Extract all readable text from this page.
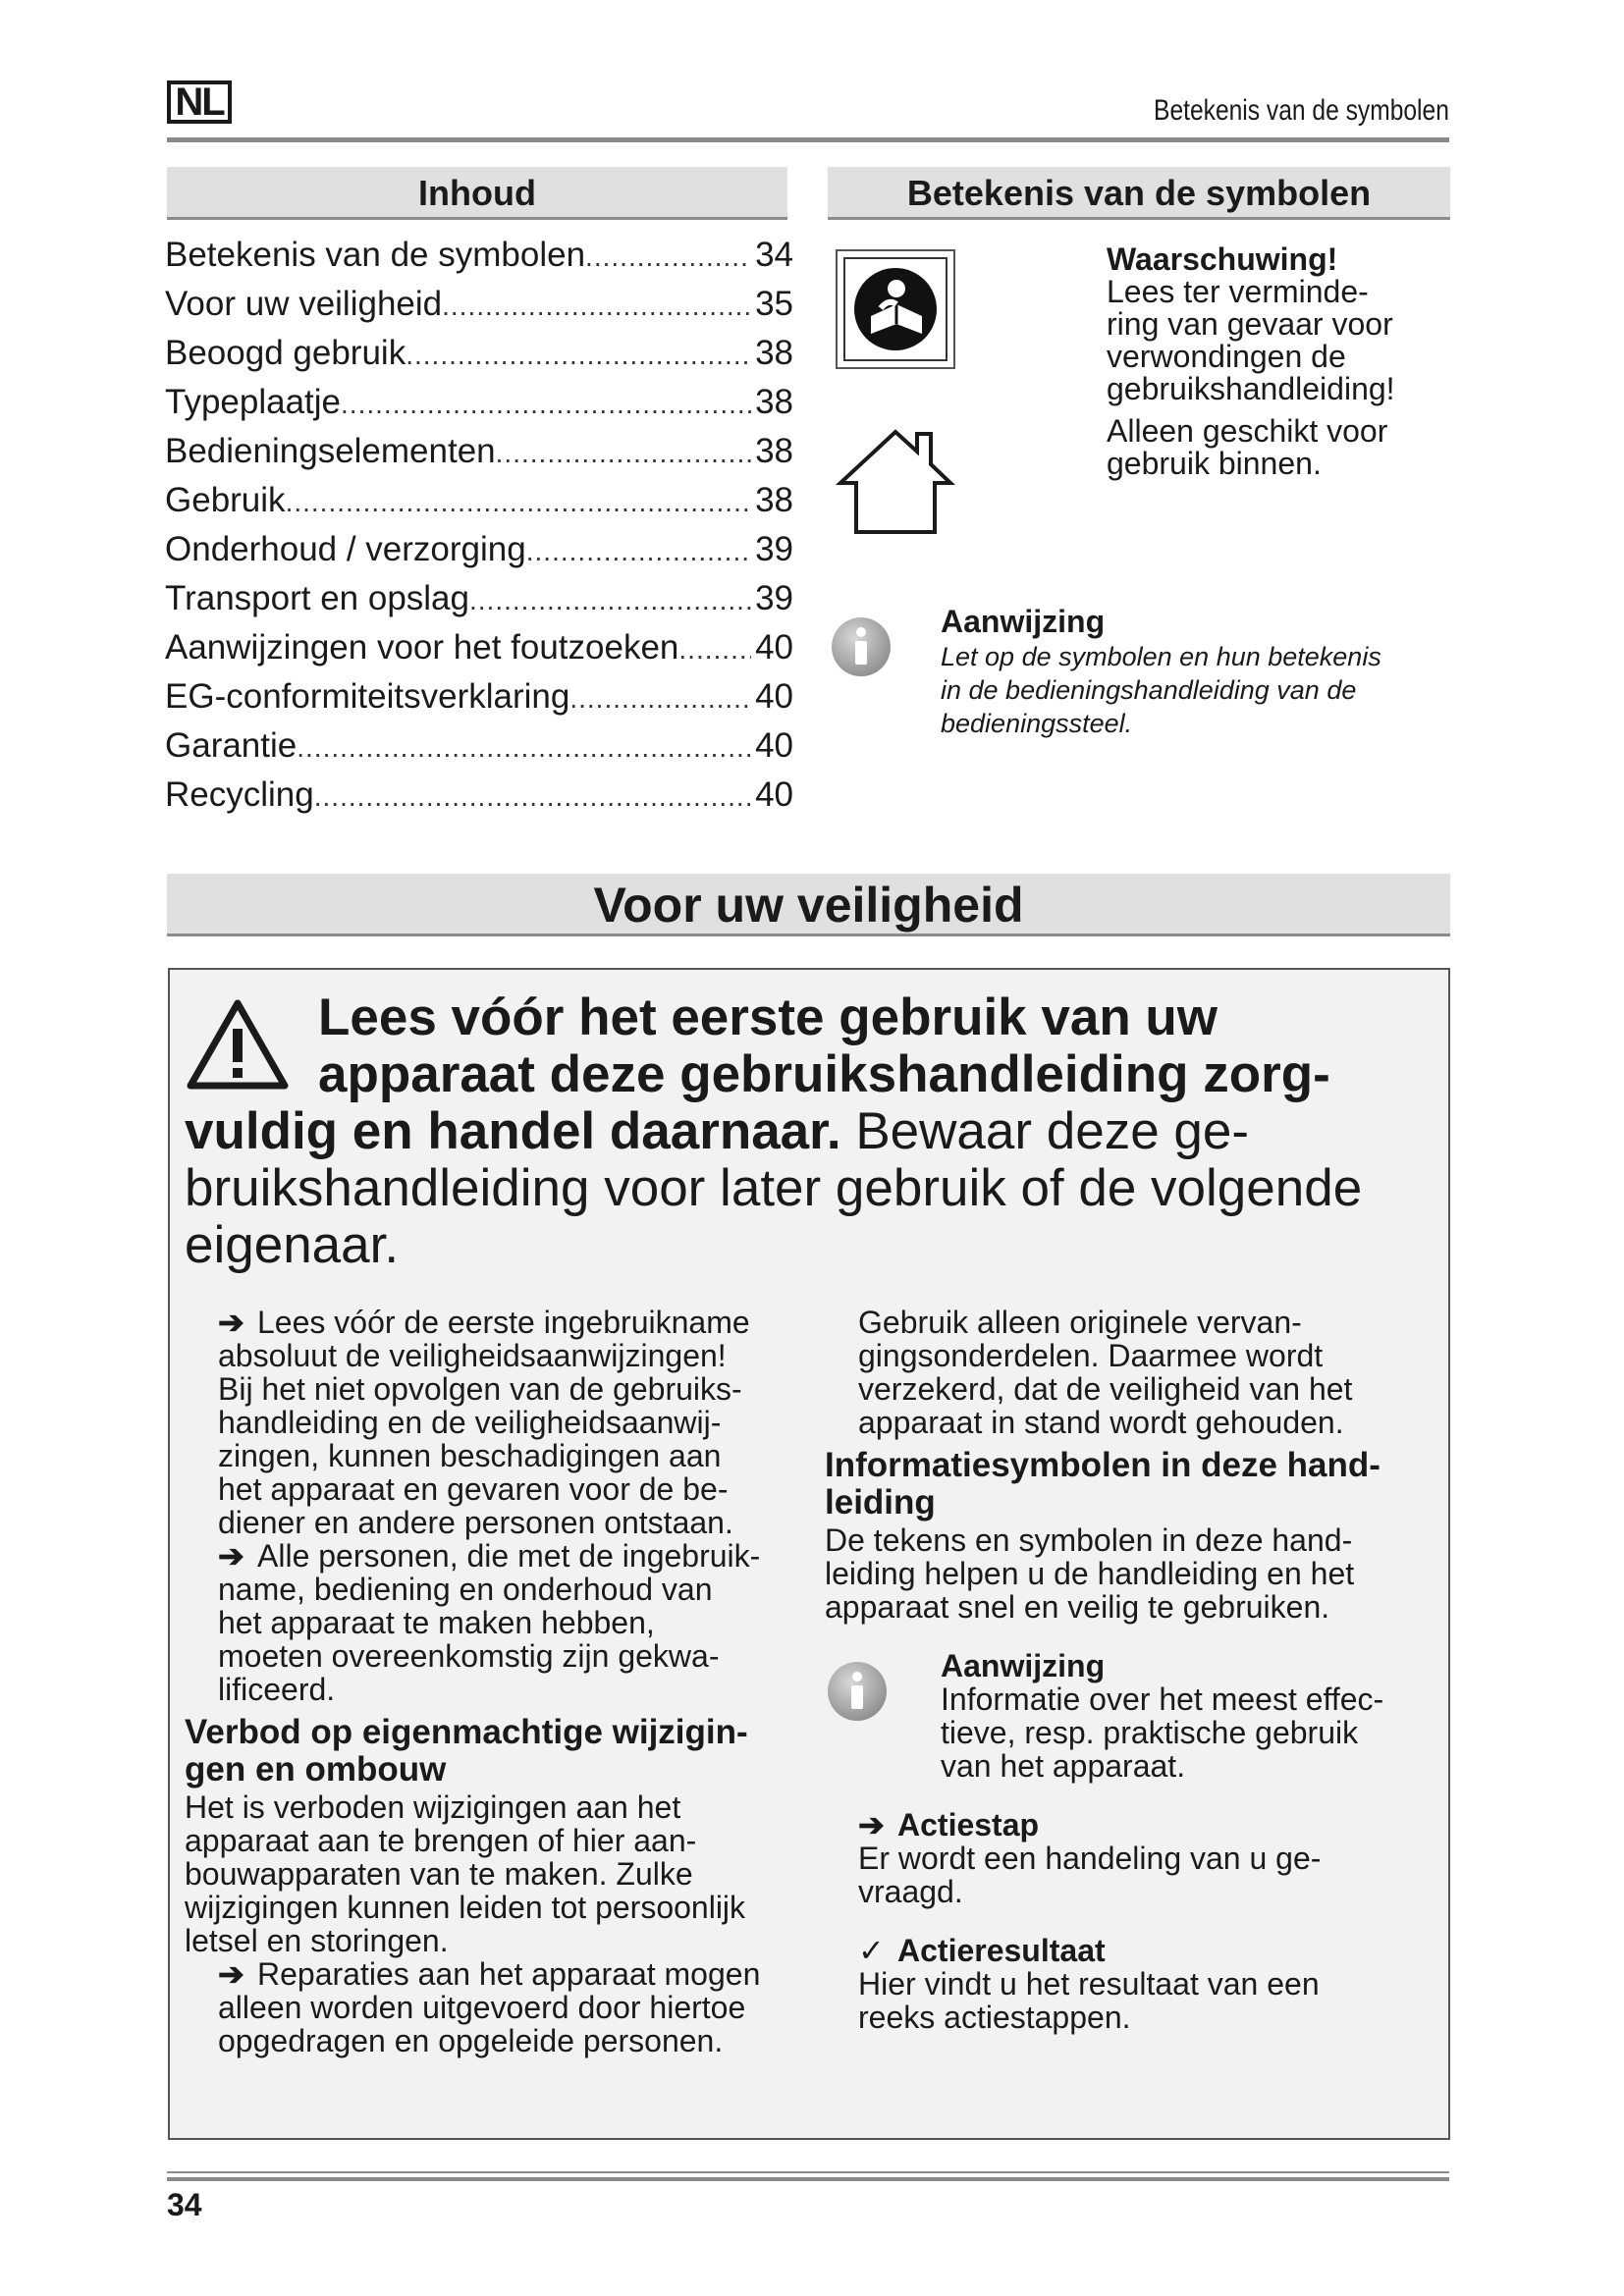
NL	Betekenis van de symbolen
Inhoud
Betekenis van de symbolen .....	34
Voor uw veiligheid .....	35
Beoogd gebruik .....	38
Typeplaatje .....	38
Bedieningselementen .....	38
Gebruik .....	38
Onderhoud / verzorging .....	39
Transport en opslag .....	39
Aanwijzingen voor het foutzoeken ..... 40
EG-conformiteitsverklaring .....	40
Garantie .....	40
Recycling .....	40
Betekenis van de symbolen
Waarschuwing!
Lees ter verminde-
ring van gevaar voor
verwondingen de
gebruikshandleiding!
Alleen geschikt voor
gebruik binnen.
Aanwijzing
Let op de symbolen en hun betekenis
in de bedieningshandleiding van de
bedieningssteel.
Voor uw veiligheid
Lees vóór het eerste gebruik van uw
apparaat deze gebruikshandleiding zorg-
vuldig en handel daarnaar. Bewaar deze ge-
bruikshandleiding voor later gebruik of de volgende
eigenaar.
➔ Lees vóór de eerste ingebruikname
absoluut de veiligheidsaanwijzingen!
Bij het niet opvolgen van de gebruiks-
handleiding en de veiligheidsaanwij-
zingen, kunnen beschadigingen aan
het apparaat en gevaren voor de be-
diener en andere personen ontstaan.
➔ Alle personen, die met de ingebruik-
name, bediening en onderhoud van
het apparaat te maken hebben,
moeten overeenkomstig zijn gekwa-
lificeerd.
Verbod op eigenmachtige wijzigin-
gen en ombouw
Het is verboden wijzigingen aan het
apparaat aan te brengen of hier aan-
bouwapparaten van te maken. Zulke
wijzigingen kunnen leiden tot persoonlijk
letsel en storingen.
➔ Reparaties aan het apparaat mogen
alleen worden uitgevoerd door hiertoe
opgedragen en opgeleide personen.
Gebruik alleen originele vervan-
gingsonderdelen. Daarmee wordt
verzekerd, dat de veiligheid van het
apparaat in stand wordt gehouden.
Informatiesymbolen in deze hand-
leiding
De tekens en symbolen in deze hand-
leiding helpen u de handleiding en het
apparaat snel en veilig te gebruiken.
Aanwijzing
Informatie over het meest effec-
tieve, resp. praktische gebruik
van het apparaat.
➔ Actiestap
Er wordt een handeling van u ge-
vraagd.
✓ Actieresultaat
Hier vindt u het resultaat van een
reeks actiestappen.
34
